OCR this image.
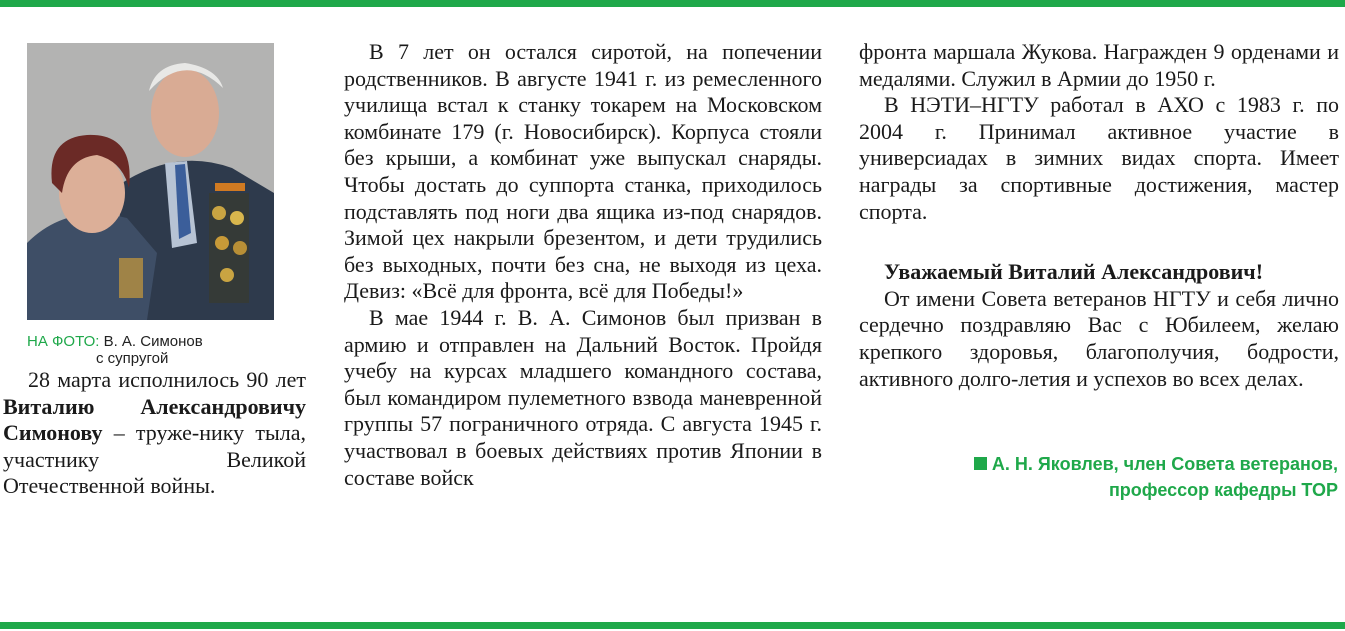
НА ФОТО: В. А. Симонов
с супругой

28 марта исполнилось 90 лет Виталию Александровичу Симонову – труже-нику тыла, участнику Великой Отечественной войны.

В 7 лет он остался сиротой, на попечении родственников. В августе 1941 г. из ремесленного училища встал к станку токарем на Московском комбинате 179 (г. Новосибирск). Корпуса стояли без крыши, а комбинат уже выпускал снаряды. Чтобы достать до суппорта станка, приходилось подставлять под ноги два ящика из-под снарядов. Зимой цех накрыли брезентом, и дети трудились без выходных, почти без сна, не выходя из цеха. Девиз: «Всё для фронта, всё для Победы!»

В мае 1944 г. В. А. Симонов был призван в армию и отправлен на Дальний Восток. Пройдя учебу на курсах младшего командного состава, был командиром пулеметного взвода маневренной группы 57 пограничного отряда. С августа 1945 г. участвовал в боевых действиях против Японии в составе войск

фронта маршала Жукова. Награжден 9 орденами и медалями. Служил в Армии до 1950 г.

В НЭТИ–НГТУ работал в АХО с 1983 г. по 2004 г. Принимал активное участие в универсиадах в зимних видах спорта. Имеет награды за спортивные достижения, мастер спорта.

Уважаемый Виталий Александрович!

От имени Совета ветеранов НГТУ и себя лично сердечно поздравляю Вас с Юбилеем, желаю крепкого здоровья, благополучия, бодрости, активного долго-летия и успехов во всех делах.

А. Н. Яковлев, член Совета ветеранов,
профессор кафедры ТОР
